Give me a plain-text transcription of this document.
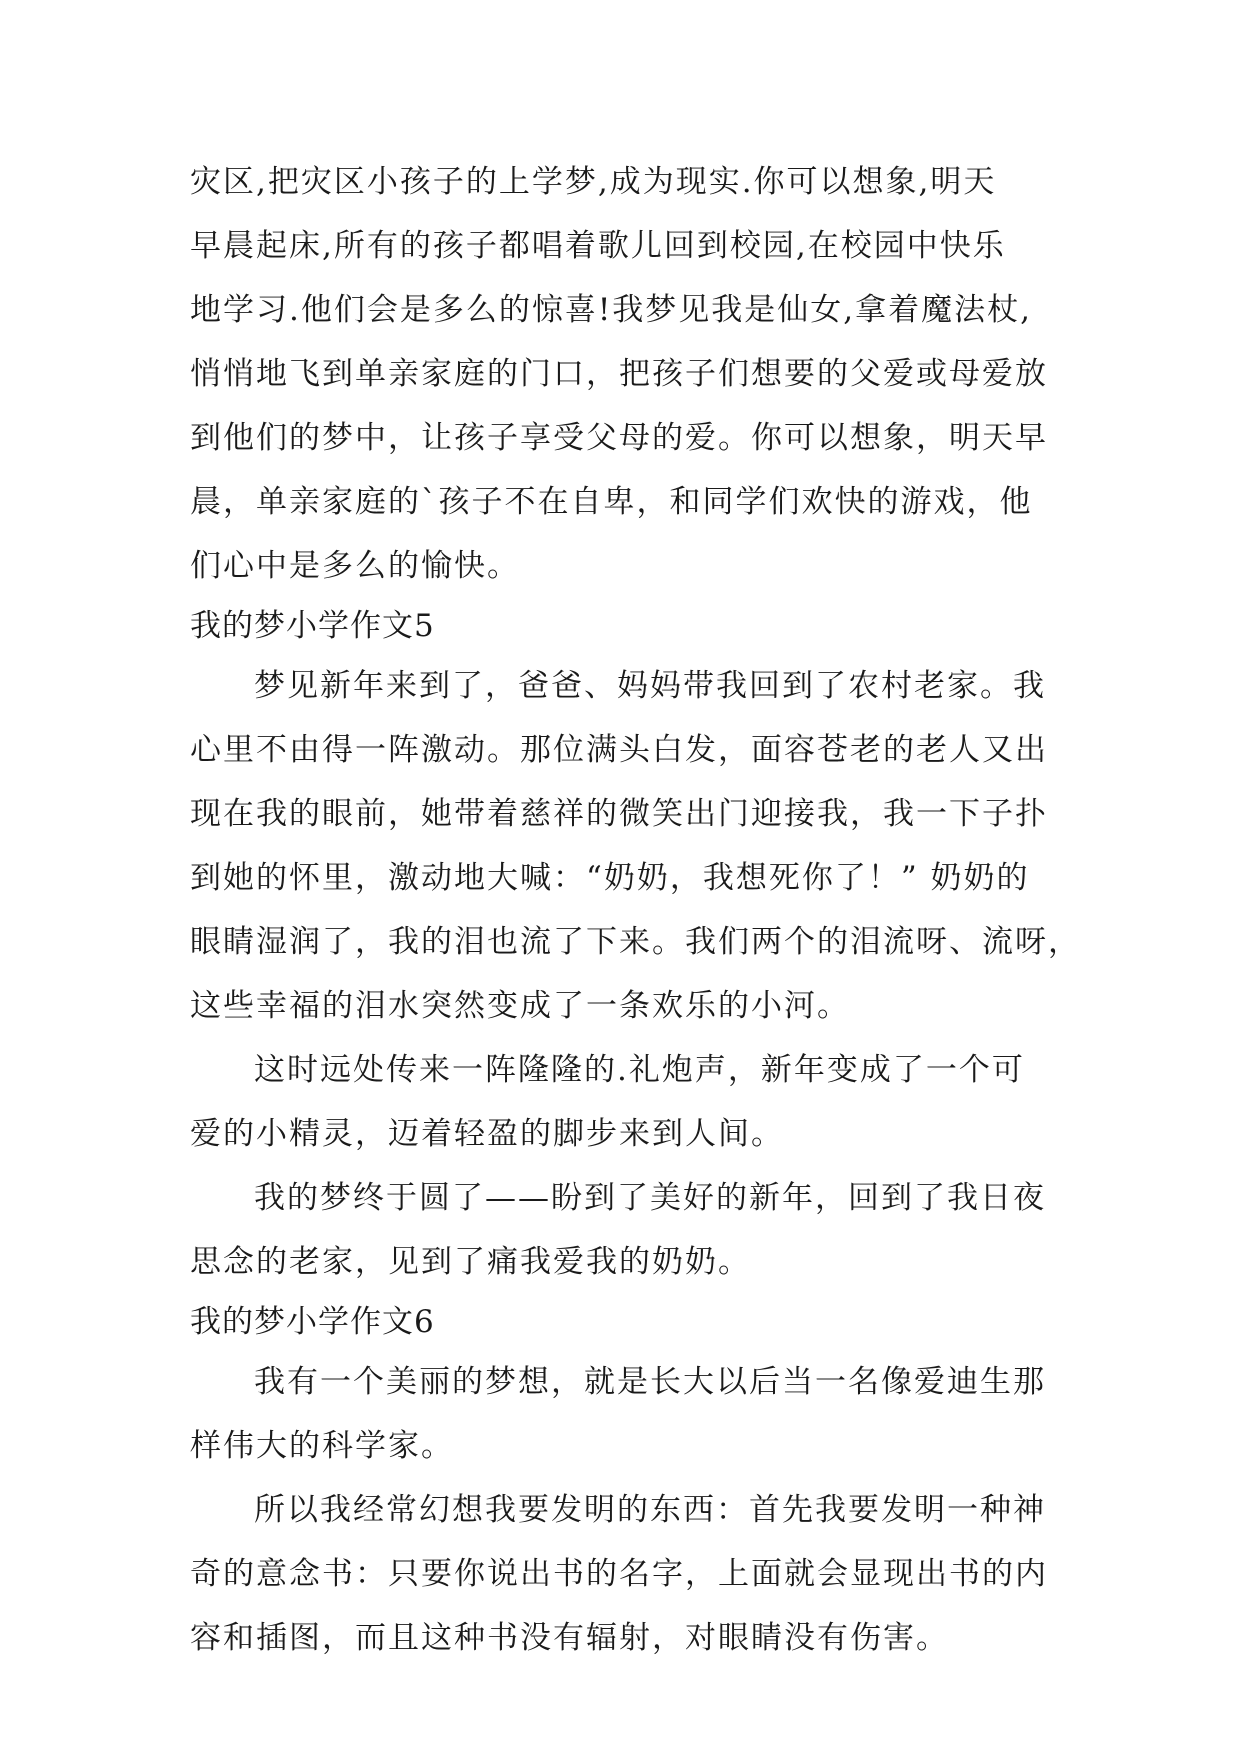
灾区,把灾区小孩子的上学梦,成为现实.你可以想象,明天
早晨起床,所有的孩子都唱着歌儿回到校园,在校园中快乐
地学习.他们会是多么的惊喜!我梦见我是仙女,拿着魔法杖,
悄悄地飞到单亲家庭的门口，把孩子们想要的父爱或母爱放
到他们的梦中，让孩子享受父母的爱。你可以想象，明天早
晨，单亲家庭的`孩子不在自卑，和同学们欢快的游戏，他
们心中是多么的愉快。
我的梦小学作文5
梦见新年来到了，爸爸、妈妈带我回到了农村老家。我
心里不由得一阵激动。那位满头白发，面容苍老的老人又出
现在我的眼前，她带着慈祥的微笑出门迎接我，我一下子扑
到她的怀里，激动地大喊：“奶奶，我想死你了！” 奶奶的
眼睛湿润了，我的泪也流了下来。我们两个的泪流呀、流呀，
这些幸福的泪水突然变成了一条欢乐的小河。
这时远处传来一阵隆隆的.礼炮声，新年变成了一个可
爱的小精灵，迈着轻盈的脚步来到人间。
我的梦终于圆了——盼到了美好的新年，回到了我日夜
思念的老家，见到了痛我爱我的奶奶。
我的梦小学作文6
我有一个美丽的梦想，就是长大以后当一名像爱迪生那
样伟大的科学家。
所以我经常幻想我要发明的东西：首先我要发明一种神
奇的意念书：只要你说出书的名字，上面就会显现出书的内
容和插图，而且这种书没有辐射，对眼睛没有伤害。
